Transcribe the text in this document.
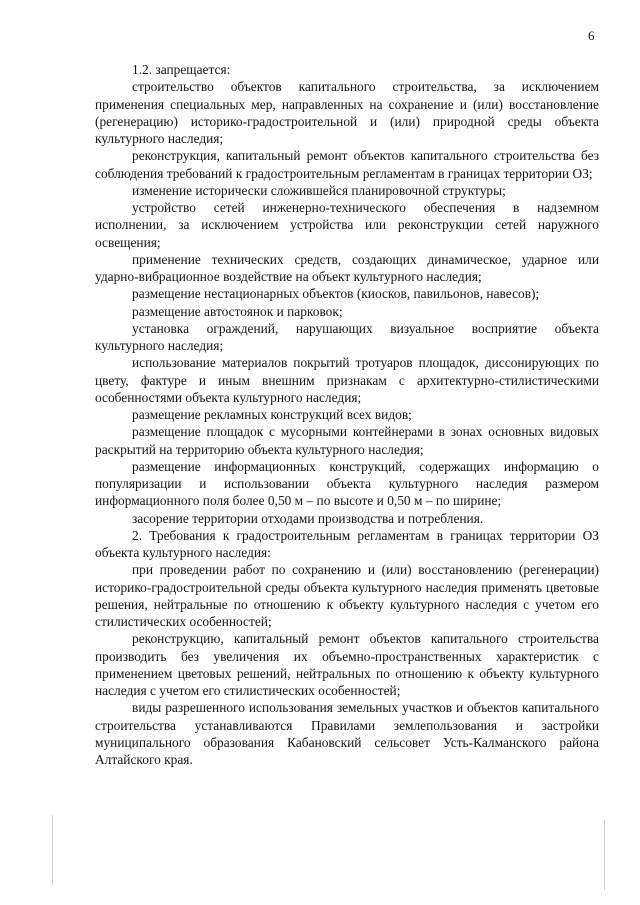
6

1.2. запрещается:

строительство объектов капитального строительства, за исключением применения специальных мер, направленных на сохранение и (или) восстановление (регенерацию) историко-градостроительной и (или) природной среды объекта культурного наследия;

реконструкция, капитальный ремонт объектов капитального строительства без соблюдения требований к градостроительным регламентам в границах территории ОЗ;

изменение исторически сложившейся планировочной структуры;

устройство сетей инженерно-технического обеспечения в надземном исполнении, за исключением устройства или реконструкции сетей наружного освещения;

применение технических средств, создающих динамическое, ударное или ударно-вибрационное воздействие на объект культурного наследия;

размещение нестационарных объектов (киосков, павильонов, навесов);

размещение автостоянок и парковок;

установка ограждений, нарушающих визуальное восприятие объекта культурного наследия;

использование материалов покрытий тротуаров площадок, диссонирующих по цвету, фактуре и иным внешним признакам с архитектурно-стилистическими особенностями объекта культурного наследия;

размещение рекламных конструкций всех видов;

размещение площадок с мусорными контейнерами в зонах основных видовых раскрытий на территорию объекта культурного наследия;

размещение информационных конструкций, содержащих информацию о популяризации и использовании объекта культурного наследия размером информационного поля более 0,50 м – по высоте и 0,50 м – по ширине;

засорение территории отходами производства и потребления.

2. Требования к градостроительным регламентам в границах территории ОЗ объекта культурного наследия:

при проведении работ по сохранению и (или) восстановлению (регенерации) историко-градостроительной среды объекта культурного наследия применять цветовые решения, нейтральные по отношению к объекту культурного наследия с учетом его стилистических особенностей;

реконструкцию, капитальный ремонт объектов капитального строительства производить без увеличения их объемно-пространственных характеристик с применением цветовых решений, нейтральных по отношению к объекту культурного наследия с учетом его стилистических особенностей;

виды разрешенного использования земельных участков и объектов капитального строительства устанавливаются Правилами землепользования и застройки муниципального образования Кабановский сельсовет Усть-Калманского района Алтайского края.
